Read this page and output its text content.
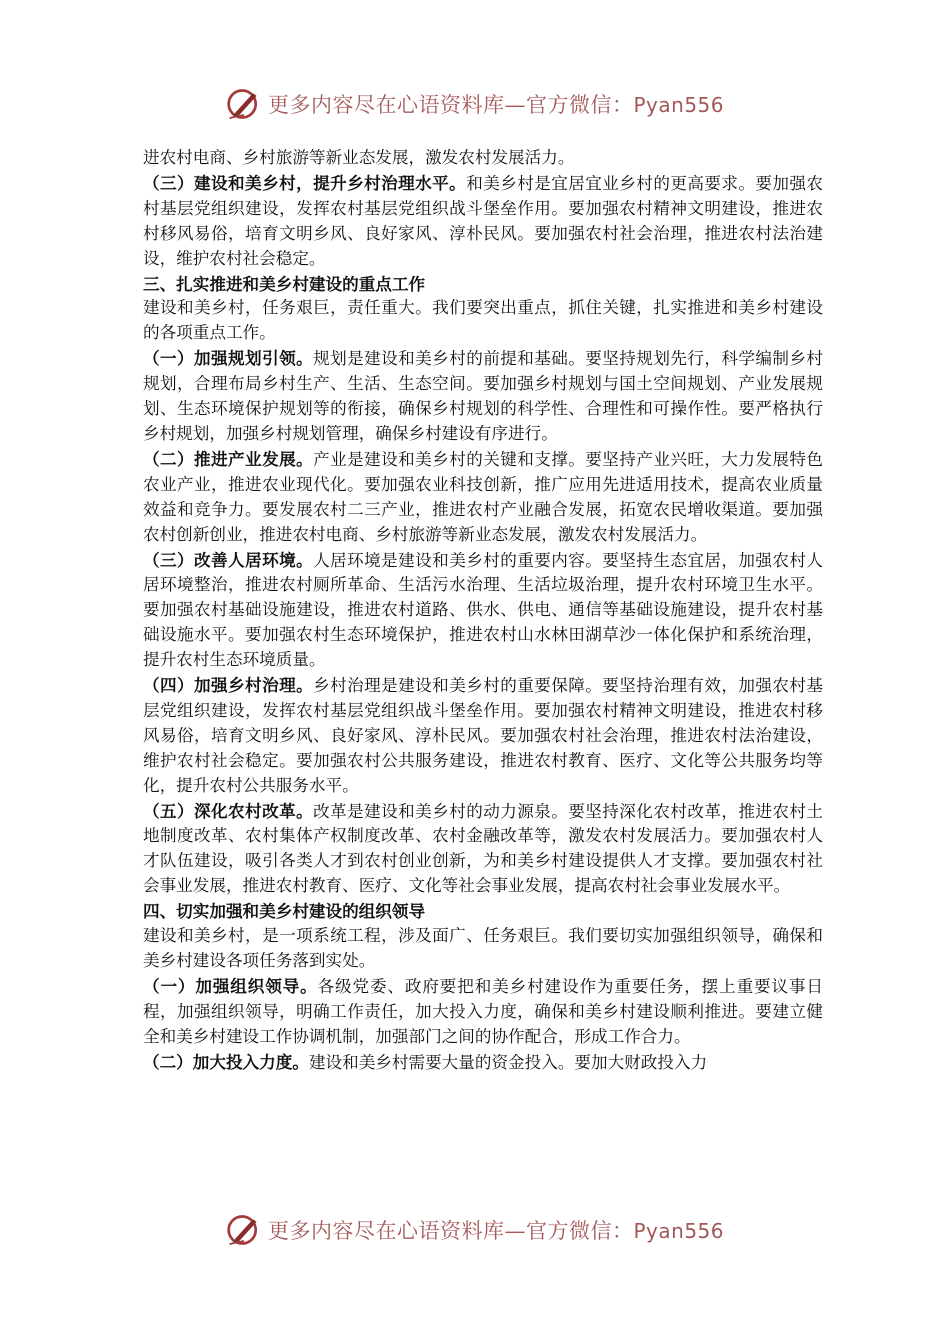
更多内容尽在心语资料库—官方微信：Pyan556

进农村电商、乡村旅游等新业态发展，激发农村发展活力。

（三）建设和美乡村，提升乡村治理水平。和美乡村是宜居宜业乡村的更高要求。要加强农村基层党组织建设，发挥农村基层党组织战斗堡垒作用。要加强农村精神文明建设，推进农村移风易俗，培育文明乡风、良好家风、淳朴民风。要加强农村社会治理，推进农村法治建设，维护农村社会稳定。

三、扎实推进和美乡村建设的重点工作

建设和美乡村，任务艰巨，责任重大。我们要突出重点，抓住关键，扎实推进和美乡村建设的各项重点工作。

（一）加强规划引领。规划是建设和美乡村的前提和基础。要坚持规划先行，科学编制乡村规划，合理布局乡村生产、生活、生态空间。要加强乡村规划与国土空间规划、产业发展规划、生态环境保护规划等的衔接，确保乡村规划的科学性、合理性和可操作性。要严格执行乡村规划，加强乡村规划管理，确保乡村建设有序进行。

（二）推进产业发展。产业是建设和美乡村的关键和支撑。要坚持产业兴旺，大力发展特色农业产业，推进农业现代化。要加强农业科技创新，推广应用先进适用技术，提高农业质量效益和竞争力。要发展农村二三产业，推进农村产业融合发展，拓宽农民增收渠道。要加强农村创新创业，推进农村电商、乡村旅游等新业态发展，激发农村发展活力。

（三）改善人居环境。人居环境是建设和美乡村的重要内容。要坚持生态宜居，加强农村人居环境整治，推进农村厕所革命、生活污水治理、生活垃圾治理，提升农村环境卫生水平。要加强农村基础设施建设，推进农村道路、供水、供电、通信等基础设施建设，提升农村基础设施水平。要加强农村生态环境保护，推进农村山水林田湖草沙一体化保护和系统治理，提升农村生态环境质量。

（四）加强乡村治理。乡村治理是建设和美乡村的重要保障。要坚持治理有效，加强农村基层党组织建设，发挥农村基层党组织战斗堡垒作用。要加强农村精神文明建设，推进农村移风易俗，培育文明乡风、良好家风、淳朴民风。要加强农村社会治理，推进农村法治建设，维护农村社会稳定。要加强农村公共服务建设，推进农村教育、医疗、文化等公共服务均等化，提升农村公共服务水平。

（五）深化农村改革。改革是建设和美乡村的动力源泉。要坚持深化农村改革，推进农村土地制度改革、农村集体产权制度改革、农村金融改革等，激发农村发展活力。要加强农村人才队伍建设，吸引各类人才到农村创业创新，为和美乡村建设提供人才支撑。要加强农村社会事业发展，推进农村教育、医疗、文化等社会事业发展，提高农村社会事业发展水平。

四、切实加强和美乡村建设的组织领导

建设和美乡村，是一项系统工程，涉及面广、任务艰巨。我们要切实加强组织领导，确保和美乡村建设各项任务落到实处。

（一）加强组织领导。各级党委、政府要把和美乡村建设作为重要任务，摆上重要议事日程，加强组织领导，明确工作责任，加大投入力度，确保和美乡村建设顺利推进。要建立健全和美乡村建设工作协调机制，加强部门之间的协作配合，形成工作合力。

（二）加大投入力度。建设和美乡村需要大量的资金投入。要加大财政投入力

更多内容尽在心语资料库—官方微信：Pyan556
